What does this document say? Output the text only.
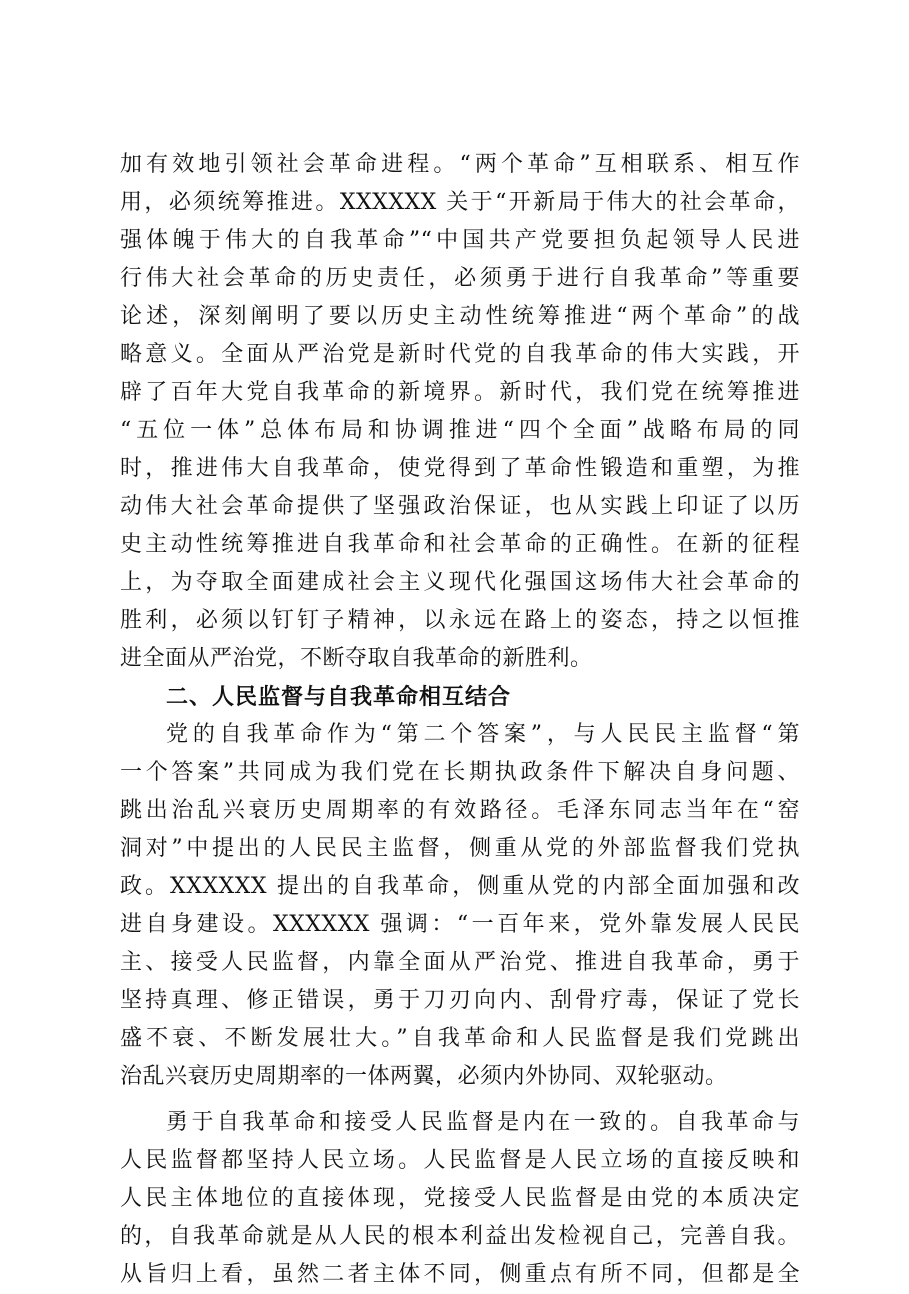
加有效地引领社会革命进程。“两个革命”互相联系、相互作
用，必须统筹推进。XXXXXX 关于“开新局于伟大的社会革命，
强体魄于伟大的自我革命”“中国共产党要担负起领导人民进
行伟大社会革命的历史责任，必须勇于进行自我革命”等重要
论述，深刻阐明了要以历史主动性统筹推进“两个革命”的战
略意义。全面从严治党是新时代党的自我革命的伟大实践，开
辟了百年大党自我革命的新境界。新时代，我们党在统筹推进
“五位一体”总体布局和协调推进“四个全面”战略布局的同
时，推进伟大自我革命，使党得到了革命性锻造和重塑，为推
动伟大社会革命提供了坚强政治保证，也从实践上印证了以历
史主动性统筹推进自我革命和社会革命的正确性。在新的征程
上，为夺取全面建成社会主义现代化强国这场伟大社会革命的
胜利，必须以钉钉子精神，以永远在路上的姿态，持之以恒推
进全面从严治党，不断夺取自我革命的新胜利。
二、人民监督与自我革命相互结合
党的自我革命作为“第二个答案”，与人民民主监督“第
一个答案”共同成为我们党在长期执政条件下解决自身问题、
跳出治乱兴衰历史周期率的有效路径。毛泽东同志当年在“窑
洞对”中提出的人民民主监督，侧重从党的外部监督我们党执
政。XXXXXX 提出的自我革命，侧重从党的内部全面加强和改
进自身建设。XXXXXX 强调：“一百年来，党外靠发展人民民
主、接受人民监督，内靠全面从严治党、推进自我革命，勇于
坚持真理、修正错误，勇于刀刃向内、刮骨疗毒，保证了党长
盛不衰、不断发展壮大。”自我革命和人民监督是我们党跳出
治乱兴衰历史周期率的一体两翼，必须内外协同、双轮驱动。
勇于自我革命和接受人民监督是内在一致的。自我革命与
人民监督都坚持人民立场。人民监督是人民立场的直接反映和
人民主体地位的直接体现，党接受人民监督是由党的本质决定
的，自我革命就是从人民的根本利益出发检视自己，完善自我。
从旨归上看，虽然二者主体不同，侧重点有所不同，但都是全
